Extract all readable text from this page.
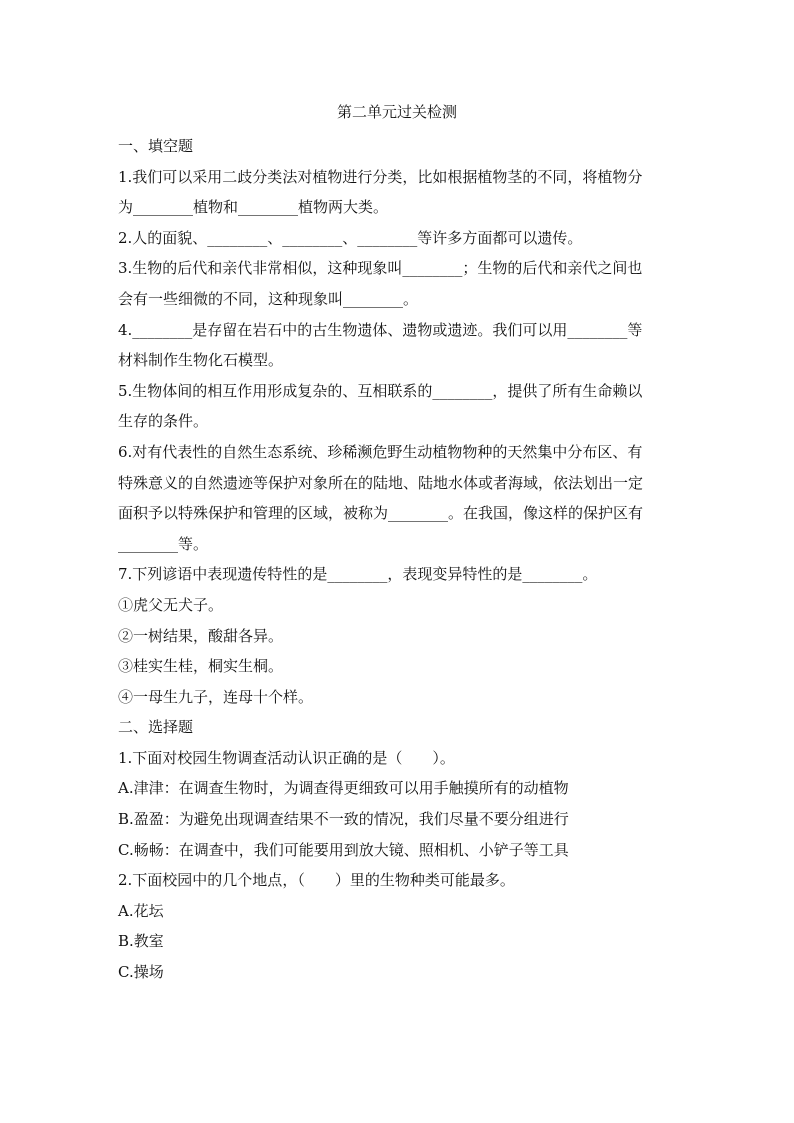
第二单元过关检测
一、填空题
1.我们可以采用二歧分类法对植物进行分类，比如根据植物茎的不同，将植物分
为________植物和________植物两大类。
2.人的面貌、________、________、________等许多方面都可以遗传。
3.生物的后代和亲代非常相似，这种现象叫________；生物的后代和亲代之间也
会有一些细微的不同，这种现象叫________。
4.________是存留在岩石中的古生物遗体、遗物或遗迹。我们可以用________等
材料制作生物化石模型。
5.生物体间的相互作用形成复杂的、互相联系的________，提供了所有生命赖以
生存的条件。
6.对有代表性的自然生态系统、珍稀濒危野生动植物物种的天然集中分布区、有
特殊意义的自然遗迹等保护对象所在的陆地、陆地水体或者海域，依法划出一定
面积予以特殊保护和管理的区域，被称为________。在我国，像这样的保护区有
________等。
7.下列谚语中表现遗传特性的是________，表现变异特性的是________。
①虎父无犬子。
②一树结果，酸甜各异。
③桂实生桂，桐实生桐。
④一母生九子，连母十个样。
二、选择题
1.下面对校园生物调查活动认识正确的是（　　）。
A.津津：在调查生物时，为调查得更细致可以用手触摸所有的动植物
B.盈盈：为避免出现调查结果不一致的情况，我们尽量不要分组进行
C.畅畅：在调查中，我们可能要用到放大镜、照相机、小铲子等工具
2.下面校园中的几个地点，（　　）里的生物种类可能最多。
A.花坛
B.教室
C.操场
